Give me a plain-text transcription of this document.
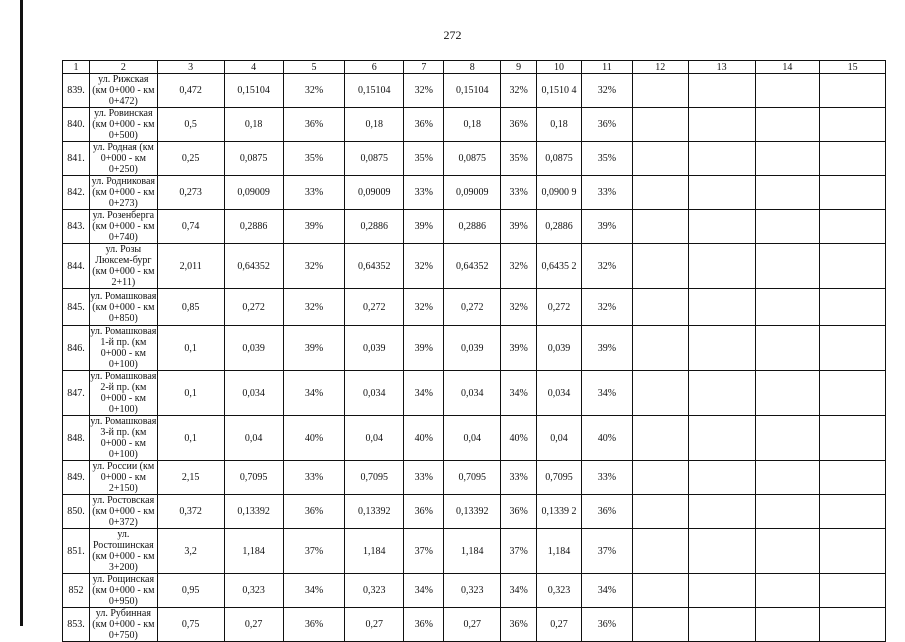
272
1	2	3	4	5	6	7	8	9	10	11	12	13	14	15
839.	ул. Рижская (км 0+000 - км 0+472)	0,472	0,15104	32%	0,15104	32%	0,15104	32%	0,1510 4	32%				
840.	ул. Ровинская (км 0+000 - км 0+500)	0,5	0,18	36%	0,18	36%	0,18	36%	0,18	36%				
841.	ул. Родная (км 0+000 - км 0+250)	0,25	0,0875	35%	0,0875	35%	0,0875	35%	0,0875	35%				
842.	ул. Родниковая (км 0+000 - км 0+273)	0,273	0,09009	33%	0,09009	33%	0,09009	33%	0,0900 9	33%				
843.	ул. Розенберга (км 0+000 - км 0+740)	0,74	0,2886	39%	0,2886	39%	0,2886	39%	0,2886	39%				
844.	ул. Розы Люксем-бург (км 0+000 - км 2+11)	2,011	0,64352	32%	0,64352	32%	0,64352	32%	0,6435 2	32%				
845.	ул. Ромашковая (км 0+000 - км 0+850)	0,85	0,272	32%	0,272	32%	0,272	32%	0,272	32%				
846.	ул. Ромашковая 1-й пр. (км 0+000 - км 0+100)	0,1	0,039	39%	0,039	39%	0,039	39%	0,039	39%				
847.	ул. Ромашковая 2-й пр. (км 0+000 - км 0+100)	0,1	0,034	34%	0,034	34%	0,034	34%	0,034	34%				
848.	ул. Ромашковая 3-й пр. (км 0+000 - км 0+100)	0,1	0,04	40%	0,04	40%	0,04	40%	0,04	40%				
849.	ул. России (км 0+000 - км 2+150)	2,15	0,7095	33%	0,7095	33%	0,7095	33%	0,7095	33%				
850.	ул. Ростовская (км 0+000 - км 0+372)	0,372	0,13392	36%	0,13392	36%	0,13392	36%	0,1339 2	36%				
851.	ул. Ростошинская (км 0+000 - км 3+200)	3,2	1,184	37%	1,184	37%	1,184	37%	1,184	37%				
852	ул. Рощинская (км 0+000 - км 0+950)	0,95	0,323	34%	0,323	34%	0,323	34%	0,323	34%				
853.	ул. Рубинная (км 0+000 - км 0+750)	0,75	0,27	36%	0,27	36%	0,27	36%	0,27	36%				
